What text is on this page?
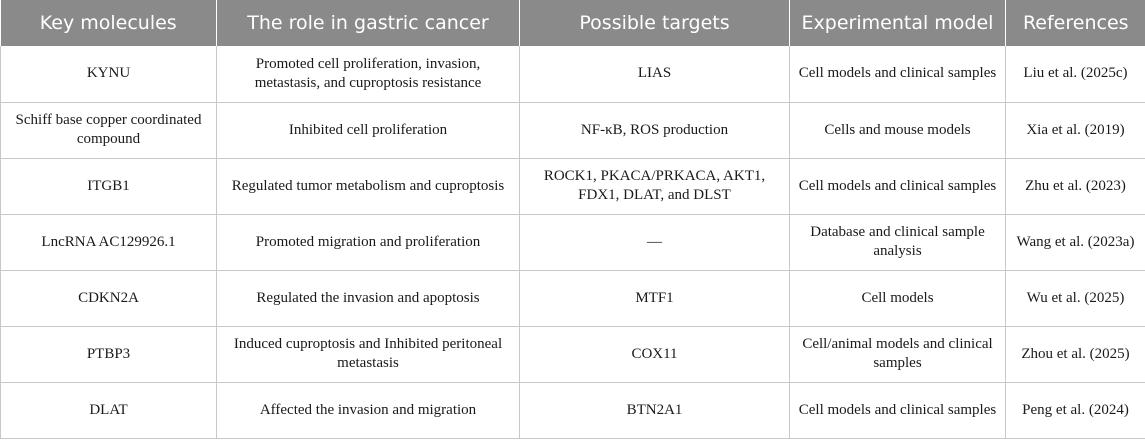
Key molecules	The role in gastric cancer	Possible targets	Experimental model	References
KYNU	Promoted cell proliferation, invasion, metastasis, and cuproptosis resistance	LIAS	Cell models and clinical samples	Liu et al. (2025c)
Schiff base copper coordinated compound	Inhibited cell proliferation	NF-κB, ROS production	Cells and mouse models	Xia et al. (2019)
ITGB1	Regulated tumor metabolism and cuproptosis	ROCK1, PKACA/PRKACA, AKT1, FDX1, DLAT, and DLST	Cell models and clinical samples	Zhu et al. (2023)
LncRNA AC129926.1	Promoted migration and proliferation	—	Database and clinical sample analysis	Wang et al. (2023a)
CDKN2A	Regulated the invasion and apoptosis	MTF1	Cell models	Wu et al. (2025)
PTBP3	Induced cuproptosis and Inhibited peritoneal metastasis	COX11	Cell/animal models and clinical samples	Zhou et al. (2025)
DLAT	Affected the invasion and migration	BTN2A1	Cell models and clinical samples	Peng et al. (2024)
